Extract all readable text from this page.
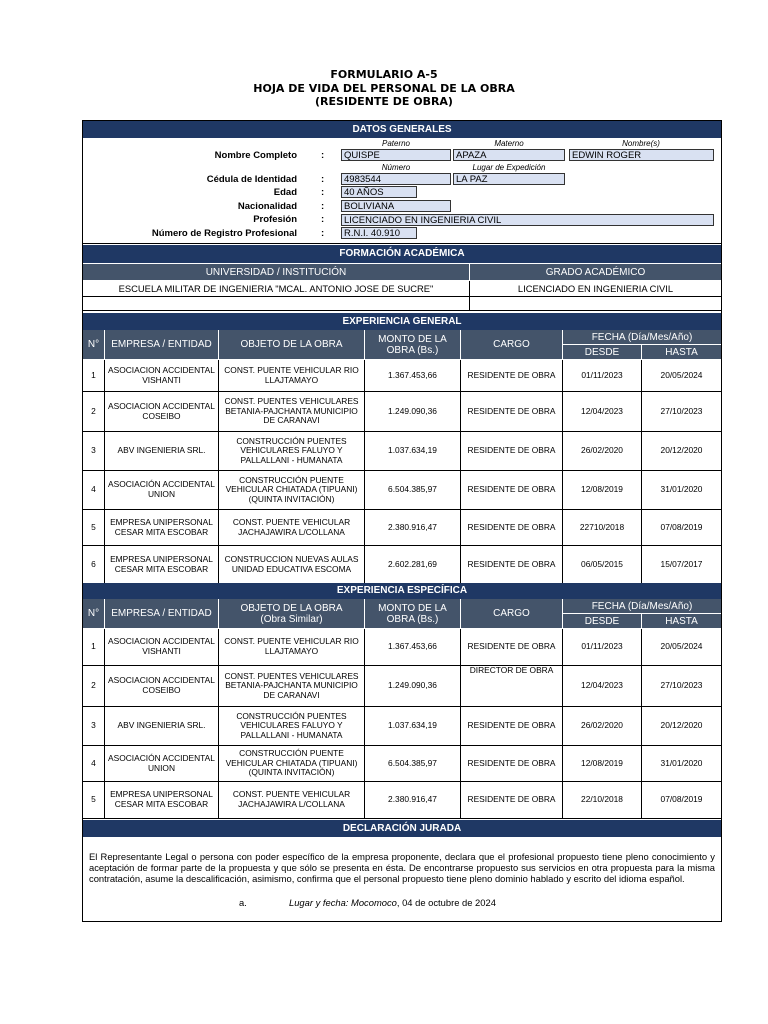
FORMULARIO A-5
HOJA DE VIDA DEL PERSONAL DE LA OBRA
(RESIDENTE DE OBRA)
DATOS GENERALES
Paterno	Materno	Nombre(s)
Nombre Completo	:	QUISPE	APAZA	EDWIN ROGER
Número	Lugar de Expedición
Cédula de Identidad	:	4983544	LA PAZ
Edad	:	40 AÑOS
Nacionalidad	:	BOLIVIANA
Profesión	:	LICENCIADO EN INGENIERIA CIVIL
Número de Registro Profesional	:	R.N.I. 40.910
FORMACIÓN ACADÉMICA
UNIVERSIDAD / INSTITUCIÓN	GRADO ACADÉMICO
ESCUELA MILITAR DE INGENIERIA "MCAL. ANTONIO JOSE DE SUCRE"	LICENCIADO EN INGENIERIA CIVIL
EXPERIENCIA GENERAL
N°	EMPRESA / ENTIDAD	OBJETO DE LA OBRA	MONTO DE LA OBRA (Bs.)	CARGO
FECHA (Día/Mes/Año)
DESDE	HASTA
1	ASOCIACION ACCIDENTAL VISHANTI
CONST. PUENTE VEHICULAR RIO LLAJTAMAYO	1.367.453,66	RESIDENTE DE OBRA	01/11/2023	20/05/2024
2	ASOCIACION ACCIDENTAL COSEIBO
CONST. PUENTES VEHICULARES BETANIA-PAJCHANTA MUNICIPIO DE CARANAVI
1.249.090,36	RESIDENTE DE OBRA	12/04/2023	27/10/2023
3	ABV INGENIERIA SRL.
CONSTRUCCIÓN PUENTES VEHICULARES FALUYO Y PALLALLANI - HUMANATA
1.037.634,19	RESIDENTE DE OBRA	26/02/2020	20/12/2020
4	ASOCIACIÓN ACCIDENTAL UNION
CONSTRUCCIÓN PUENTE VEHICULAR CHIATADA (TIPUANI) (QUINTA INVITACIÓN)
6.504.385,97	RESIDENTE DE OBRA	12/08/2019	31/01/2020
5	EMPRESA UNIPERSONAL CESAR MITA ESCOBAR
CONST. PUENTE VEHICULAR JACHAJAWIRA L/COLLANA	2.380.916,47	RESIDENTE DE OBRA	22710/2018	07/08/2019
6	EMPRESA UNIPERSONAL CESAR MITA ESCOBAR
CONSTRUCCION NUEVAS AULAS UNIDAD EDUCATIVA ESCOMA	2.602.281,69	RESIDENTE DE OBRA	06/05/2015	15/07/2017
EXPERIENCIA ESPECÍFICA
N°	EMPRESA / ENTIDAD	OBJETO DE LA OBRA
(Obra Similar)
MONTO DE LA OBRA (Bs.)	CARGO
FECHA (Día/Mes/Año)
DESDE	HASTA
1	ASOCIACION ACCIDENTAL VISHANTI
CONST. PUENTE VEHICULAR RIO LLAJTAMAYO	1.367.453,66	RESIDENTE DE OBRA	01/11/2023	20/05/2024
2	ASOCIACION ACCIDENTAL COSEIBO
CONST. PUENTES VEHICULARES BETANIA-PAJCHANTA MUNICIPIO DE CARANAVI
1.249.090,36
DIRECTOR DE OBRA
12/04/2023	27/10/2023
3	ABV INGENIERIA SRL.
CONSTRUCCIÓN PUENTES VEHICULARES FALUYO Y PALLALLANI - HUMANATA
1.037.634,19	RESIDENTE DE OBRA	26/02/2020	20/12/2020
4	ASOCIACIÓN ACCIDENTAL UNION
CONSTRUCCIÓN PUENTE VEHICULAR CHIATADA (TIPUANI) (QUINTA INVITACIÓN)
6.504.385,97	RESIDENTE DE OBRA	12/08/2019	31/01/2020
5	EMPRESA UNIPERSONAL CESAR MITA ESCOBAR
CONST. PUENTE VEHICULAR JACHAJAWIRA L/COLLANA	2.380.916,47	RESIDENTE DE OBRA	22/10/2018	07/08/2019
DECLARACIÓN JURADA
El Representante Legal o persona con poder específico de la empresa proponente, declara que el profesional propuesto tiene pleno conocimiento y aceptación de formar parte de la propuesta y que sólo se presenta en ésta. De encontrarse propuesto sus servicios en otra propuesta para la misma contratación, asume la descalificación, asimismo, confirma que el personal propuesto tiene pleno dominio hablado y escrito del idioma español.
a.	Lugar y fecha: Mocomoco, 04 de octubre de 2024
